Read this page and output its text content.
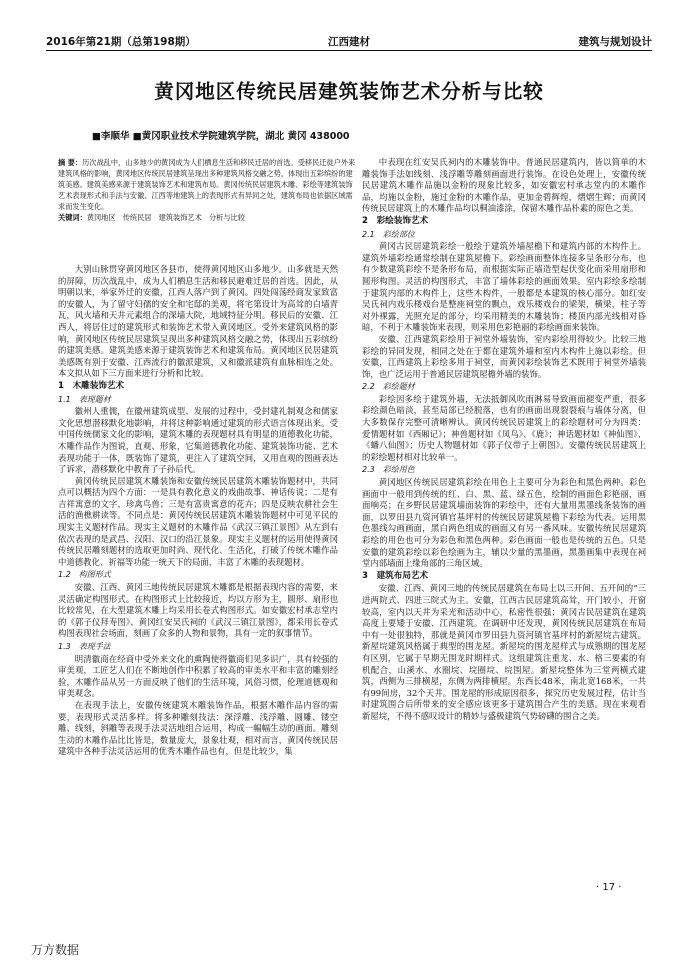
2016年第21期（总第198期）	江西建材	建筑与规划设计
黄冈地区传统民居建筑装饰艺术分析与比较
■李顺华 ■黄冈职业技术学院建筑学院，湖北 黄冈 438000
摘 要：历次战乱中，山多地少的黄冈成为人们栖息生活和移民迁居的首选。受移民迁徙户外来建筑风格的影响，黄冈地区传统民居建筑呈现出多种建筑风格交融之势，体现出五彩缤纷的建筑美感。建筑美感来源于建筑装饰艺术和建筑布局。黄冈传统民居建筑木雕、彩绘等建筑装饰艺术表现形式和手法与安徽、江西等地建筑上的表现形式有异同之处，建筑布局也依据区域需求而发生变化。
关键词：黄冈地区　传统民居　建筑装饰艺术　分析与比较

大别山脉贯穿黄冈地区各县市，使得黄冈地区山多地少。山多就是天然的屏障，历次战乱中，成为人们栖息生活和移民避难迁居的首选。因此，从明朝以来，举家外迁的安徽，江西人落户到了黄冈。四处闯荡经商发家致富的安徽人，为了留守妇孺的安全和宅邸的美观，将宅第设计为高耸的白墙青瓦，风火墙和天井元素组合的深墙大院，地域特征分明。移民后的安徽、江西人，将居住过的建筑形式和装饰艺术带入黄冈地区。受外来建筑风格的影响，黄冈地区传统民居建筑呈现出多种建筑风格交融之势，体现出五彩缤纷的建筑美感。建筑美感来源于建筑装饰艺术和建筑布局。黄冈地区民居建筑美感既有别于安徽、江西流行的徽派建筑，又和徽派建筑有血脉相连之处。本文拟从如下三方面来进行分析和比较。

1　木雕装饰艺术
1.1　表现题材

徽州人重儒，在徽州建筑成型、发展的过程中，受封建礼制观念和儒家文化思想潜移默化地影响，并将这种影响通过建筑的形式语言体现出来。受中国传统儒家文化的影响，建筑木雕的表现题材具有明显的道德教化功能，木雕作品作为图说，直观、形象，它集道德教化功能、建筑装饰功能、艺术表现功能于一体，既装饰了建筑，更注入了建筑空间，又用直观的图画表达了诉求，潜移默化中教育了子孙后代。

黄冈传统民居建筑木雕装饰和安徽传统民居建筑木雕装饰题材中，共同点可以概括为四个方面：一是具有教化意义的戏曲故事、神话传说；二是有吉祥寓意的文字、珍禽鸟兽；三是有富贵寓意的花卉；四是反映农耕社会生活的渔樵耕读等。不同点是：黄冈传统民居建筑木雕装饰题材中可见平民的现实主义题材作品。现实主义题材的木雕作品《武汉三镇江景图》从左到右依次表现的是武昌、汉阳、汉口的沿江景象。现实主义题材的运用使得黄冈传统民居雕刻题材的选取更加时尚、现代化、生活化，打破了传统木雕作品中道德教化、祈福等功能一统天下的局面，丰富了木雕的表现题材。

1.2　构图形式

安徽、江西、黄冈三地传统民居建筑木雕都是根据表现内容的需要，来灵活确定构图形式。在构图形式上比较接近，均以方形为主，圆形、扇形也比较常见，在大型建筑木雕上均采用长卷式构图形式。如安徽宏村承志堂内的《郭子仪拜寿图》、黄冈红安吴氏祠的《武汉三镇江景图》，都采用长卷式构图表现社会场面，刻画了众多的人物和景物，具有一定的叙事情节。

1.3　表现手法

明清徽商在经商中受外来文化的熏陶使得徽商们见多识广，具有较强的审美观，工匠艺人们在不断地创作中积累了较高的审美水平和丰富的雕刻经验，木雕作品从另一方面反映了他们的生活环境，风俗习惯，伦理道德观和审美观念。

在表现手法上，安徽传统建筑木雕装饰作品，根据木雕作品内容的需要，表现形式灵活多样。将多种雕刻技法：深浮雕、浅浮雕、圆雕、镂空雕、线刻，斜雕等表现手法灵活地组合运用，构成一幅幅生动的画面。雕刻生动的木雕作品比比皆是，数量庞大，景象壮观，相对而言，黄冈传统民居建筑中各种手法灵活运用的优秀木雕作品也有，但是比较少，集

中表现在红安吴氏祠内的木雕装饰中。普通民居建筑内，皆以简单的木雕装饰手法如线刻、浅浮雕等雕刻画面进行装饰。在设色处理上，安徽传统民居建筑木雕作品施以金粉的现象比较多，如安徽宏村承志堂内的木雕作品，均施以金粉，施过金粉的木雕作品，更加金碧辉煌，熠熠生辉；而黄冈传统民居建筑上的木雕作品均以桐油漆涂，保留木雕作品朴素的原色之美。

2　彩绘装饰艺术
2.1　彩绘部位

黄冈古民居建筑彩绘一般绘于建筑外墙屋檐下和建筑内部的木构件上。建筑外墙彩绘通常绘制在建筑屋檐下。彩绘画面整体连接多呈条形分布，也有少数建筑彩绘不是条形布局，而根据实际正墙造型起伏变化而采用扇形和圆形构图。灵活的构图形式，丰富了墙体彩绘的画面效果。室内彩绘多绘制于建筑内部的木构件上，这些木构件，一般都是本建筑的核心部分。如红安吴氏祠内戏乐楼戏台是整座祠堂的飘点，戏乐楼戏台的梁架，横梁，柱子等对外裸露，光照充足的部分，均采用精美的木雕装饰；楼顶内部光线相对昏暗，不利于木雕装饰来表现，则采用色彩艳丽的彩绘画面来装饰。

安徽、江西建筑彩绘用于祠堂外墙装饰，室内彩绘用得较少。比较三地彩绘的异同发现，相同之处在于都在建筑外墙和室内木构件上施以彩绘。但安徽，江西建筑上彩绘多用于祠堂，而黄冈彩绘装饰艺术既用于祠堂外墙装饰，也广泛运用于普通民居建筑屋檐外墙的装饰。

2.2　彩绘题材

彩绘因多绘于建筑外墙，无法抵御风吹雨淋易导致画面褪变严重，很多彩绘颜色暗淡，甚至局部已经脱落，也有的画面出现裂裂痕与墙体分离，但大多数保存完整可清晰辨认。黄冈传统民居建筑上的彩绘题材可分为四类：爱情题材如《西厢记》；神兽题材如《凤鸟》、《鹿》；神话题材如《神仙图》、《蟠八仙图》；历史人物题材如《郭子仪带子上朝图》。安徽传统民居建筑上的彩绘题材相对比较单一。

2.3　彩绘用色

黄冈地区传统民居建筑彩绘在用色上主要可分为彩色和黑色两种。彩色画面中一般用到传统的红、白、黑、蓝、绿五色，绘制的画面色彩艳丽，画面响亮；在乡野民居建筑墙面装饰的彩绘中，还有大量用黑墨线条装饰的画面，以罗田县九资河镇官基坪村的传统民居建筑屋檐下彩绘为代表。运用黑色墨线勾画画面，黑白两色组成的画面又有另一番风味。安徽传统民居建筑彩绘的用色也可分为彩色和黑色两种。彩色画面一般也是传统的五色。只是安徽的建筑彩绘以彩色绘画为主，辅以少量的黑墨画，黑墨画集中表现在祠堂内部墙面上缘角部的三角区域。

3　建筑布局艺术

安徽、江西、黄冈三地的传统民居建筑在布局上以三开间、五开间的“三进两院式、四进三院式为主。安徽，江西古民居建筑高耸，开门较小，开窗较高，室内以天井为采光和活动中心，私密性很强；黄冈古民居建筑在建筑高度上要矮于安徽、江西建筑。在调研中还发现，黄冈传统民居建筑在布局中有一处很独特，那就是黄冈市罗田县九资河镇官基坪村的新屋垸古建筑。新屋垸建筑风格属于典型的围龙屋。新屋垸的围龙屋样式与成熟期的围龙屋有区别，它属于早期无围龙时期样式。这组建筑注重龙、水、格三要素的有机配合，山溪水、水圈垸、垸圈垸、垸围屋。新屋垸整体为三堂两横式建筑，西侧为三排横屋，东侧为两排横屋。东西长48米，南北宽168米，一共有99间房，32个天井。围龙屋的形成原因很多，探究历史发展过程，估计当时建筑围合后所带来的安全感应该更多于建筑围合产生的美感。现在来观看新屋垸，不得不感叹设计的精妙与盛极建筑气势磅礴的围合之美。

· 17 ·
万方数据
